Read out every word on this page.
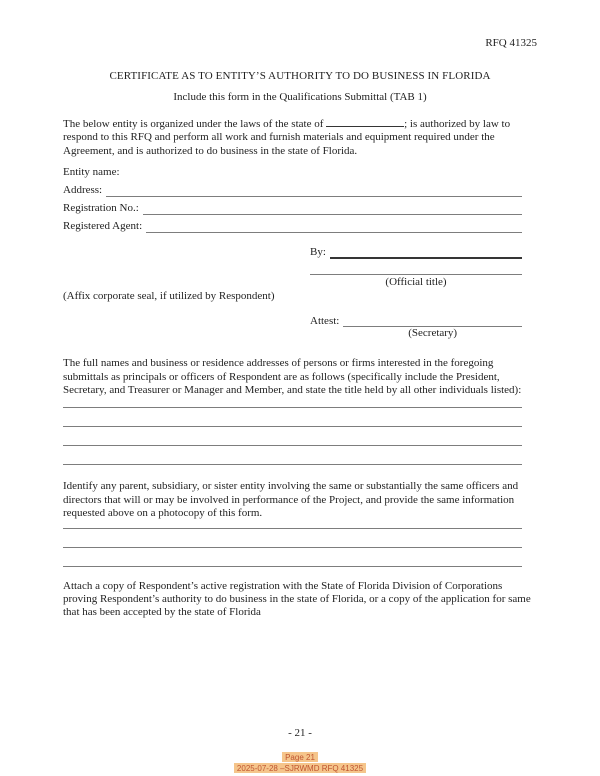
RFQ 41325
CERTIFICATE AS TO ENTITY’S AUTHORITY TO DO BUSINESS IN FLORIDA
Include this form in the Qualifications Submittal (TAB 1)

The below entity is organized under the laws of the state of	; is authorized by law to respond to this RFQ and perform all work and furnish materials and equipment required under the Agreement, and is authorized to do business in the state of Florida.

Entity name:
Address:
Registration No.:
Registered Agent:
(Affix corporate seal, if utilized by Respondent)
By:
(Official title)
Attest:
(Secretary)

The full names and business or residence addresses of persons or firms interested in the foregoing submittals as principals or officers of Respondent are as follows (specifically include the President, Secretary, and Treasurer or Manager and Member, and state the title held by all other individuals listed):

Identify any parent, subsidiary, or sister entity involving the same or substantially the same officers and directors that will or may be involved in performance of the Project, and provide the same information requested above on a photocopy of this form.

Attach a copy of Respondent’s active registration with the State of Florida Division of Corporations proving Respondent’s authority to do business in the state of Florida, or a copy of the application for same that has been accepted by the state of Florida

- 21 -
Page 21
2025-07-28 –SJRWMD RFQ 41325
